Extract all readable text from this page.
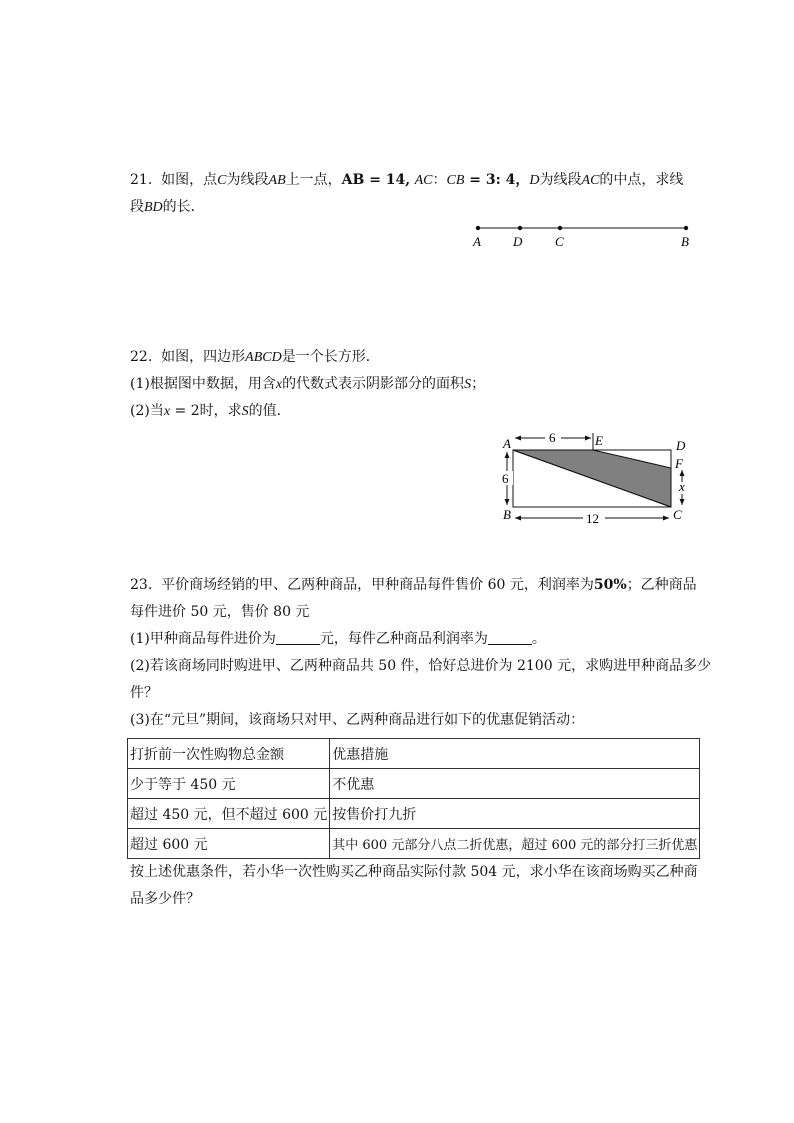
21. 如图，点C为线段AB上一点，AB = 14, AC：CB = 3: 4，D为线段AC的中点，求线
段BD的长．
A D	C	B
22. 如图，四边形ABCD是一个长方形．
(1)根据图中数据，用含x的代数式表示阴影部分的面积S；
(2)当x = 2时，求S的值．
6
6
12
x
A
B	C
D
E
F
23. 平价商场经销的甲、乙两种商品，甲种商品每件售价 60 元，利润率为50%；乙种商品
每件进价 50 元，售价 80 元
(1)甲种商品每件进价为	元，每件乙种商品利润率为	。
(2)若该商场同时购进甲、乙两种商品共 50 件，恰好总进价为 2100 元，求购进甲种商品多少
件？
(3)在“元旦”期间，该商场只对甲、乙两种商品进行如下的优惠促销活动：
打折前一次性购物总金额	优惠措施
少于等于 450 元	不优惠
超过 450 元，但不超过 600 元	按售价打九折
超过 600 元	其中 600 元部分八点二折优惠，超过 600 元的部分打三折优惠
按上述优惠条件，若小华一次性购买乙种商品实际付款 504 元，求小华在该商场购买乙种商
品多少件？
